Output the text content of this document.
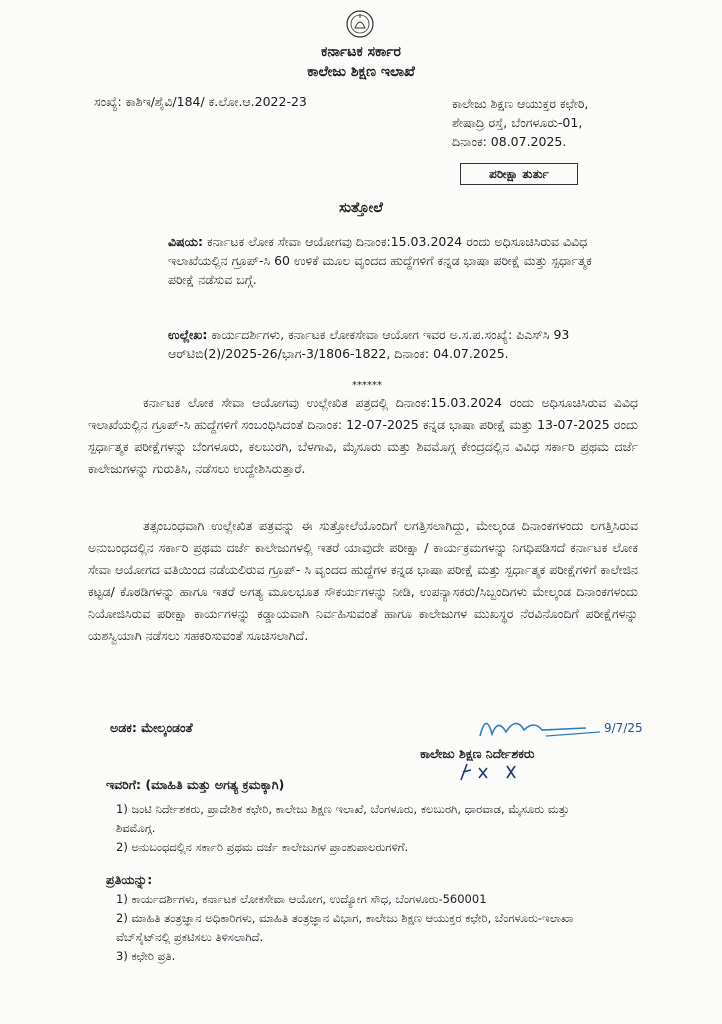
ಕರ್ನಾಟಕ ಸರ್ಕಾರ
ಕಾಲೇಜು ಶಿಕ್ಷಣ ಇಲಾಖೆ
ಸಂಖ್ಯೆ: ಕಾಶಿಇ/ಶೈವಿ/184/ ಕ.ಲೋ.ಆ.2022-23	ಕಾಲೇಜು ಶಿಕ್ಷಣ ಆಯುಕ್ತರ ಕಛೇರಿ,
ಶೇಷಾದ್ರಿ ರಸ್ತೆ, ಬೆಂಗಳೂರು-01,
ದಿನಾಂಕ: 08.07.2025.
ಪರೀಕ್ಷಾ ತುರ್ತು
ಸುತ್ತೋಲೆ
ವಿಷಯ: ಕರ್ನಾಟಕ ಲೋಕ ಸೇವಾ ಆಯೋಗವು ದಿನಾಂಕ:15.03.2024 ರಂದು ಅಧಿಸೂಚಿಸಿರುವ ವಿವಿಧ ಇಲಾಖೆಯಲ್ಲಿನ ಗ್ರೂಪ್-ಸಿ 60 ಉಳಿಕೆ ಮೂಲ ವೃಂದದ ಹುದ್ದೆಗಳಿಗೆ ಕನ್ನಡ ಭಾಷಾ ಪರೀಕ್ಷೆ ಮತ್ತು ಸ್ಪರ್ಧಾತ್ಮಕ ಪರೀಕ್ಷೆ ನಡೆಸುವ ಬಗ್ಗೆ.
ಉಲ್ಲೇಖ: ಕಾರ್ಯದರ್ಶಿಗಳು, ಕರ್ನಾಟಕ ಲೋಕಸೇವಾ ಆಯೋಗ ಇವರ ಅ.ಸ.ಪ.ಸಂಖ್ಯೆ: ಪಿಎಸ್‌ಸಿ 93 ಆರ್‌ಟಿಬಿ(2)/2025-26/ಭಾಗ-3/1806-1822, ದಿನಾಂಕ: 04.07.2025.
******
ಕರ್ನಾಟಕ ಲೋಕ ಸೇವಾ ಆಯೋಗವು ಉಲ್ಲೇಖಿತ ಪತ್ರದಲ್ಲಿ ದಿನಾಂಕ:15.03.2024 ರಂದು ಅಧಿಸೂಚಿಸಿರುವ ವಿವಿಧ ಇಲಾಖೆಯಲ್ಲಿನ ಗ್ರೂಪ್-ಸಿ ಹುದ್ದೆಗಳಿಗೆ ಸಂಬಂಧಿಸಿದಂತೆ ದಿನಾಂಕ: 12-07-2025 ಕನ್ನಡ ಭಾಷಾ ಪರೀಕ್ಷೆ ಮತ್ತು 13-07-2025 ರಂದು ಸ್ಪರ್ಧಾತ್ಮಕ ಪರೀಕ್ಷೆಗಳನ್ನು ಬೆಂಗಳೂರು, ಕಲಬುರಗಿ, ಬೆಳಗಾವಿ, ಮೈಸೂರು ಮತ್ತು ಶಿವಮೊಗ್ಗ ಕೇಂದ್ರದಲ್ಲಿನ ವಿವಿಧ ಸರ್ಕಾರಿ ಪ್ರಥಮ ದರ್ಜೆ ಕಾಲೇಜುಗಳನ್ನು ಗುರುತಿಸಿ, ನಡೆಸಲು ಉದ್ದೇಶಿಸಿರುತ್ತಾರೆ.
ತತ್ಸಂಬಂಧವಾಗಿ ಉಲ್ಲೇಖಿತ ಪತ್ರವನ್ನು ಈ ಸುತ್ತೋಲೆಯೊಂದಿಗೆ ಲಗತ್ತಿಸಲಾಗಿದ್ದು, ಮೇಲ್ಕಂಡ ದಿನಾಂಕಗಳಂದು ಲಗತ್ತಿಸಿರುವ ಅನುಬಂಧದಲ್ಲಿನ ಸರ್ಕಾರಿ ಪ್ರಥಮ ದರ್ಜೆ ಕಾಲೇಜುಗಳಲ್ಲಿ ಇತರೆ ಯಾವುದೇ ಪರೀಕ್ಷಾ / ಕಾರ್ಯಕ್ರಮಗಳನ್ನು ನಿಗಧಿಪಡಿಸದೆ ಕರ್ನಾಟಕ ಲೋಕ ಸೇವಾ ಆಯೋಗದ ವತಿಯಿಂದ ನಡೆಯಲಿರುವ ಗ್ರೂಪ್- ಸಿ ವೃಂದದ ಹುದ್ದೆಗಳ ಕನ್ನಡ ಭಾಷಾ ಪರೀಕ್ಷೆ ಮತ್ತು ಸ್ಪರ್ಧಾತ್ಮಕ ಪರೀಕ್ಷೆಗಳಿಗೆ ಕಾಲೇಜಿನ ಕಟ್ಟಡ/ ಕೊಠಡಿಗಳನ್ನು ಹಾಗೂ ಇತರೆ ಅಗತ್ಯ ಮೂಲಭೂತ ಸೌಕರ್ಯಗಳನ್ನು ನೀಡಿ, ಉಪನ್ಯಾಸಕರು/ಸಿಬ್ಬಂದಿಗಳು ಮೇಲ್ಕಂಡ ದಿನಾಂಕಗಳಂದು ನಿಯೋಜಿಸಿರುವ ಪರೀಕ್ಷಾ ಕಾರ್ಯಗಳನ್ನು ಕಡ್ಡಾಯವಾಗಿ ನಿರ್ವಹಿಸುವಂತೆ ಹಾಗೂ ಕಾಲೇಜುಗಳ ಮುಖಸ್ಥರ ನೆರವಿನೊಂದಿಗೆ ಪರೀಕ್ಷೆಗಳನ್ನು ಯಶಸ್ವಿಯಾಗಿ ನಡೆಸಲು ಸಹಕರಿಸುವಂತೆ ಸೂಚಿಸಲಾಗಿದೆ.
ಅಡಕ: ಮೇಲ್ಕಂಡಂತೆ	9/7/25
ಕಾಲೇಜು ಶಿಕ್ಷಣ ನಿರ್ದೇಶಕರು
ಇವರಿಗೆ: (ಮಾಹಿತಿ ಮತ್ತು ಅಗತ್ಯ ಕ್ರಮಕ್ಕಾಗಿ)
1) ಜಂಟಿ ನಿರ್ದೇಶಕರು, ಪ್ರಾದೇಶಿಕ ಕಛೇರಿ, ಕಾಲೇಜು ಶಿಕ್ಷಣ ಇಲಾಖೆ, ಬೆಂಗಳೂರು, ಕಲಬುರಗಿ, ಧಾರವಾಡ, ಮೈಸೂರು ಮತ್ತು ಶಿವಮೊಗ್ಗ.
2) ಅನುಬಂಧದಲ್ಲಿನ ಸರ್ಕಾರಿ ಪ್ರಥಮ ದರ್ಜೆ ಕಾಲೇಜುಗಳ ಪ್ರಾಂಶುಪಾಲರುಗಳಿಗೆ.
ಪ್ರತಿಯನ್ನು:
1) ಕಾರ್ಯದರ್ಶಿಗಳು, ಕರ್ನಾಟಕ ಲೋಕಸೇವಾ ಆಯೋಗ, ಉದ್ಯೋಗ ಸೌಧ, ಬೆಂಗಳೂರು-560001
2) ಮಾಹಿತಿ ತಂತ್ರಜ್ಞಾನ ಅಧಿಕಾರಿಗಳು, ಮಾಹಿತಿ ತಂತ್ರಜ್ಞಾನ ವಿಭಾಗ, ಕಾಲೇಜು ಶಿಕ್ಷಣ ಆಯುಕ್ತರ ಕಛೇರಿ, ಬೆಂಗಳೂರು-ಇಲಾಖಾ ವೆಬ್‌ಸೈಟ್‌ನಲ್ಲಿ ಪ್ರಕಟಿಸಲು ತಿಳಿಸಲಾಗಿದೆ.
3) ಕಛೇರಿ ಪ್ರತಿ.
